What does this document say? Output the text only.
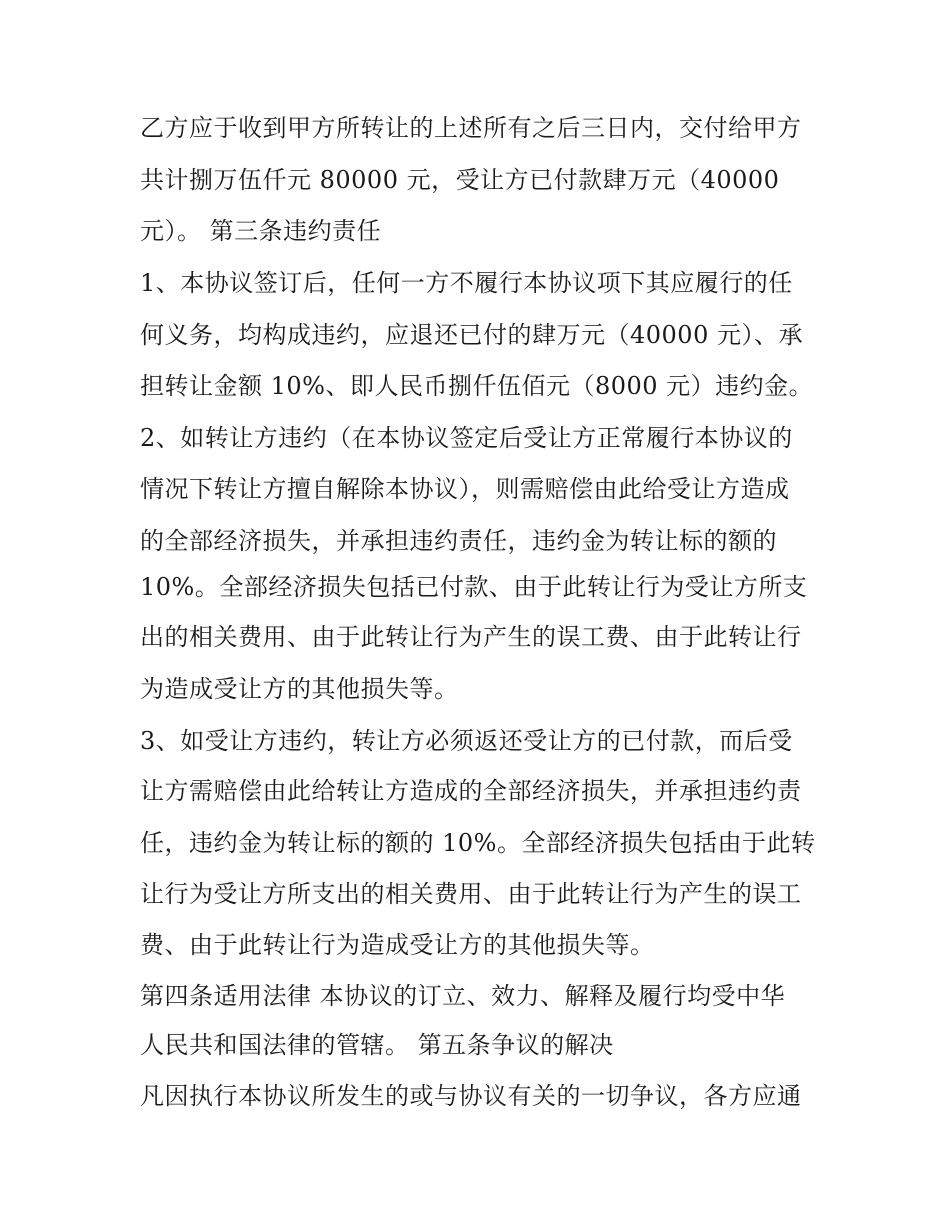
乙方应于收到甲方所转让的上述所有之后三日内，交付给甲方
共计捌万伍仟元 80000 元，受让方已付款肆万元（40000
元）。 第三条违约责任
1、本协议签订后，任何一方不履行本协议项下其应履行的任
何义务，均构成违约，应退还已付的肆万元（40000 元）、承
担转让金额 10%、即人民币捌仟伍佰元（8000 元）违约金。
2、如转让方违约（在本协议签定后受让方正常履行本协议的
情况下转让方擅自解除本协议），则需赔偿由此给受让方造成
的全部经济损失，并承担违约责任，违约金为转让标的额的
10%。全部经济损失包括已付款、由于此转让行为受让方所支
出的相关费用、由于此转让行为产生的误工费、由于此转让行
为造成受让方的其他损失等。
3、如受让方违约，转让方必须返还受让方的已付款，而后受
让方需赔偿由此给转让方造成的全部经济损失，并承担违约责
任，违约金为转让标的额的 10%。全部经济损失包括由于此转
让行为受让方所支出的相关费用、由于此转让行为产生的误工
费、由于此转让行为造成受让方的其他损失等。
第四条适用法律 本协议的订立、效力、解释及履行均受中华
人民共和国法律的管辖。 第五条争议的解决
凡因执行本协议所发生的或与协议有关的一切争议，各方应通
